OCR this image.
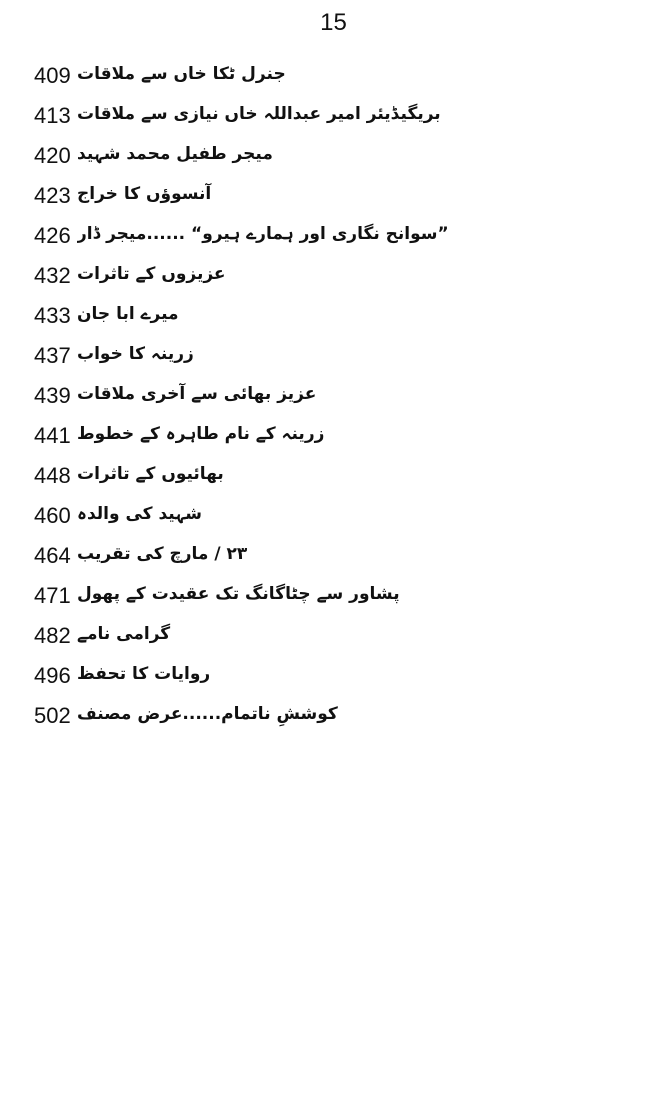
15
409 جنرل ٹکا خاں سے ملاقات
413 بریگیڈیئر امیر عبداللہ خاں نیازی سے ملاقات
420 میجر طفیل محمد شہید
423 آنسوؤں کا خراج
426 ”سوانح نگاری اور ہمارے ہیرو“ ......میجر ڈار
432 عزیزوں کے تاثرات
433 میرے ابا جان
437 زرینہ کا خواب
439 عزیز بھائی سے آخری ملاقات
441 زرینہ کے نام طاہرہ کے خطوط
448 بھائیوں کے تاثرات
460 شہید کی والدہ
464 ۲۳ / مارچ کی تقریب
471 پشاور سے چٹاگانگ تک عقیدت کے پھول
482 گرامی نامے
496 روایات کا تحفظ
502 کوششِ ناتمام......عرض مصنف
